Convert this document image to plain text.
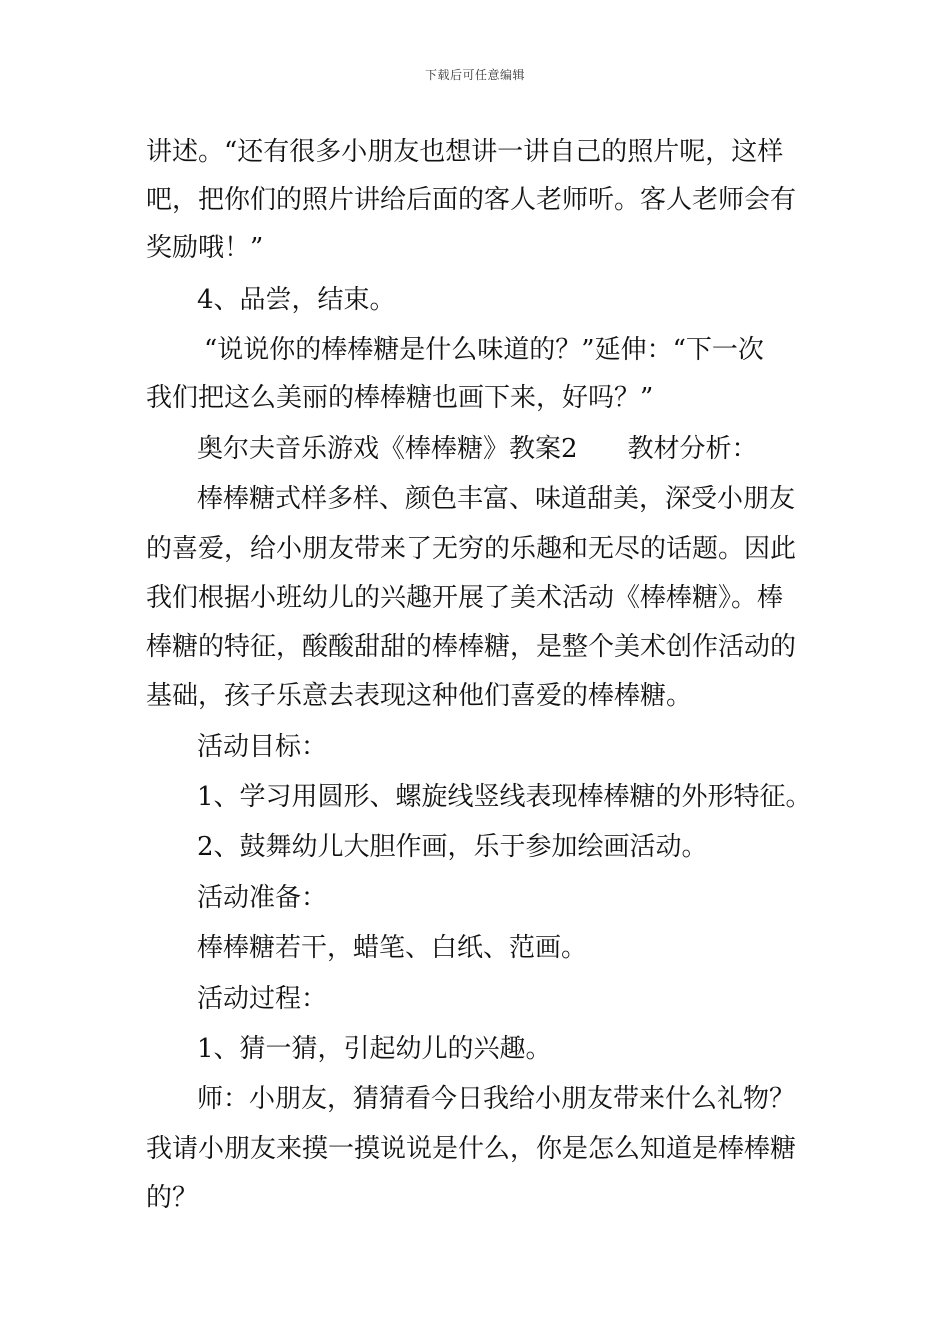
下载后可任意编辑
讲述。“还有很多小朋友也想讲一讲自己的照片呢，这样
吧，把你们的照片讲给后面的客人老师听。客人老师会有
奖励哦！”
4、品尝，结束。
“说说你的棒棒糖是什么味道的？”延伸：“下一次
我们把这么美丽的棒棒糖也画下来，好吗？”
奥尔夫音乐游戏《棒棒糖》教案2 教材分析：
棒棒糖式样多样、颜色丰富、味道甜美，深受小朋友
的喜爱，给小朋友带来了无穷的乐趣和无尽的话题。因此
我们根据小班幼儿的兴趣开展了美术活动《棒棒糖》。棒
棒糖的特征，酸酸甜甜的棒棒糖，是整个美术创作活动的
基础，孩子乐意去表现这种他们喜爱的棒棒糖。
活动目标：
1、学习用圆形、螺旋线竖线表现棒棒糖的外形特征。
2、鼓舞幼儿大胆作画，乐于参加绘画活动。
活动准备：
棒棒糖若干，蜡笔、白纸、范画。
活动过程：
1、猜一猜，引起幼儿的兴趣。
师：小朋友，猜猜看今日我给小朋友带来什么礼物？
我请小朋友来摸一摸说说是什么，你是怎么知道是棒棒糖
的？
